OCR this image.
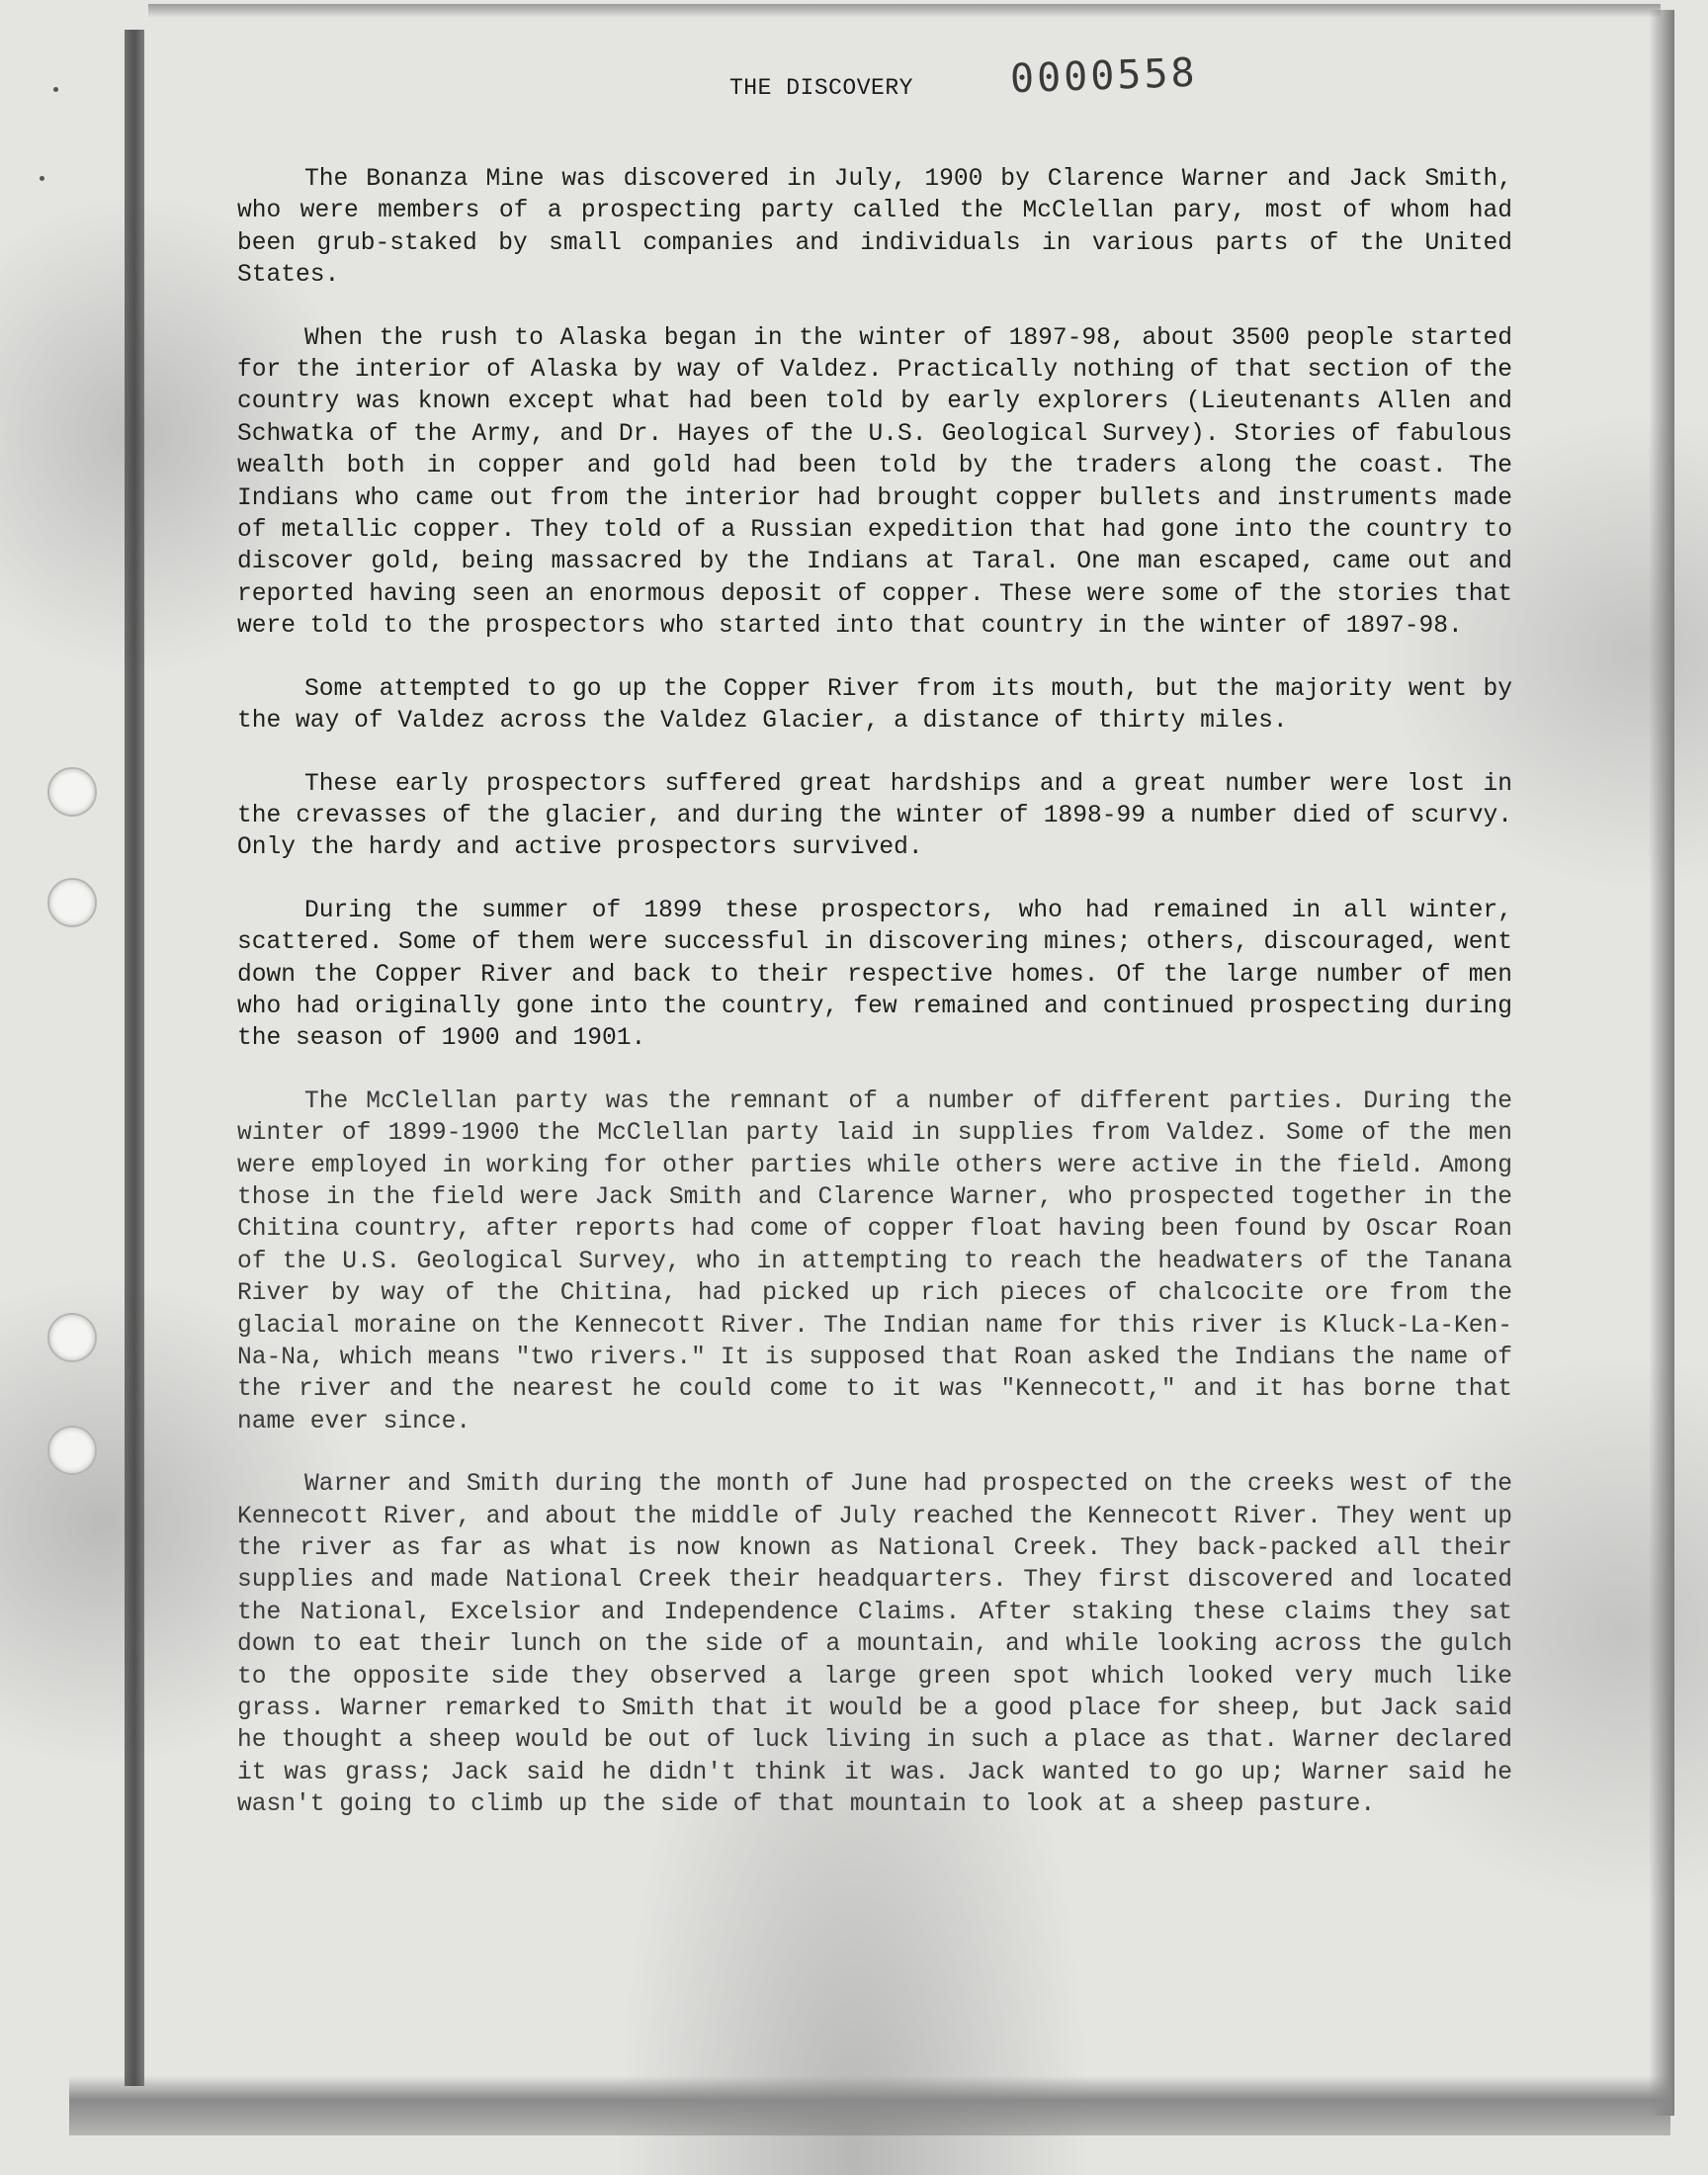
THE DISCOVERY 0000558

The Bonanza Mine was discovered in July, 1900 by Clarence Warner and Jack Smith, who were members of a prospecting party called the McClellan pary, most of whom had been grub-staked by small companies and individuals in various parts of the United States.

When the rush to Alaska began in the winter of 1897-98, about 3500 people started for the interior of Alaska by way of Valdez. Practically nothing of that section of the country was known except what had been told by early explorers (Lieutenants Allen and Schwatka of the Army, and Dr. Hayes of the U.S. Geological Survey). Stories of fabulous wealth both in copper and gold had been told by the traders along the coast. The Indians who came out from the interior had brought copper bullets and instruments made of metallic copper. They told of a Russian expedition that had gone into the country to discover gold, being massacred by the Indians at Taral. One man escaped, came out and reported having seen an enormous deposit of copper. These were some of the stories that were told to the prospectors who started into that country in the winter of 1897-98.

Some attempted to go up the Copper River from its mouth, but the majority went by the way of Valdez across the Valdez Glacier, a distance of thirty miles.

These early prospectors suffered great hardships and a great number were lost in the crevasses of the glacier, and during the winter of 1898-99 a number died of scurvy. Only the hardy and active prospectors survived.

During the summer of 1899 these prospectors, who had remained in all winter, scattered. Some of them were successful in discovering mines; others, discouraged, went down the Copper River and back to their respective homes. Of the large number of men who had originally gone into the country, few remained and continued prospecting during the season of 1900 and 1901.

The McClellan party was the remnant of a number of different parties. During the winter of 1899-1900 the McClellan party laid in supplies from Valdez. Some of the men were employed in working for other parties while others were active in the field. Among those in the field were Jack Smith and Clarence Warner, who prospected together in the Chitina country, after reports had come of copper float having been found by Oscar Roan of the U.S. Geological Survey, who in attempting to reach the headwaters of the Tanana River by way of the Chitina, had picked up rich pieces of chalcocite ore from the glacial moraine on the Kennecott River. The Indian name for this river is Kluck-La-Ken-Na-Na, which means "two rivers." It is supposed that Roan asked the Indians the name of the river and the nearest he could come to it was "Kennecott," and it has borne that name ever since.

Warner and Smith during the month of June had prospected on the creeks west of the Kennecott River, and about the middle of July reached the Kennecott River. They went up the river as far as what is now known as National Creek. They back-packed all their supplies and made National Creek their headquarters. They first discovered and located the National, Excelsior and Independence Claims. After staking these claims they sat down to eat their lunch on the side of a mountain, and while looking across the gulch to the opposite side they observed a large green spot which looked very much like grass. Warner remarked to Smith that it would be a good place for sheep, but Jack said he thought a sheep would be out of luck living in such a place as that. Warner declared it was grass; Jack said he didn't think it was. Jack wanted to go up; Warner said he wasn't going to climb up the side of that mountain to look at a sheep pasture.
